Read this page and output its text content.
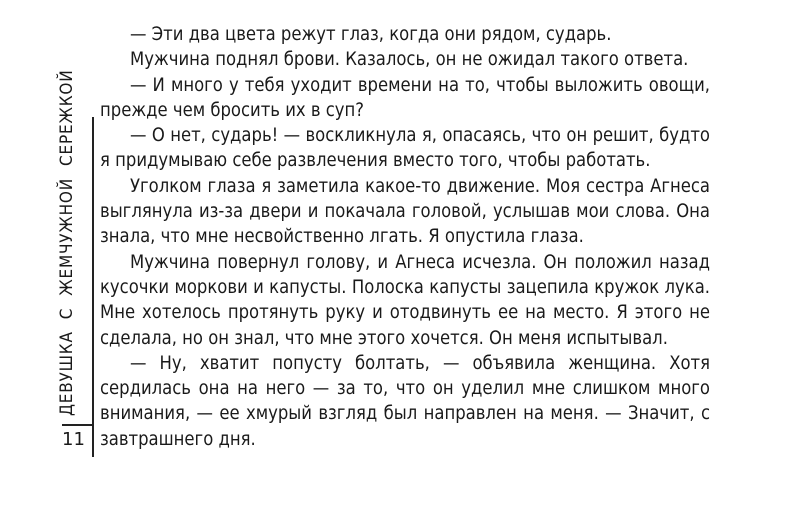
ДЕВУШКАСЖЕМЧУЖНОЙСЕРЕЖКОЙ
11

— Эти два цвета режут глаз, когда они рядом, сударь.

Мужчина поднял брови. Казалось, он не ожидал такого ответа.

— И много у тебя уходит времени на то, чтобы выложить овощи, прежде чем бросить их в суп?

— О нет, сударь! — воскликнула я, опасаясь, что он решит, будто я придумываю себе развлечения вместо того, чтобы работать.

Уголком глаза я заметила какое-то движение. Моя сестра Агнеса выглянула из-за двери и покачала головой, услышав мои слова. Она знала, что мне несвойственно лгать. Я опустила глаза.

Мужчина повернул голову, и Агнеса исчезла. Он положил назад кусочки моркови и капусты. Полоска капусты зацепила кружок лука. Мне хотелось протянуть руку и отодвинуть ее на место. Я этого не сделала, но он знал, что мне этого хочется. Он меня испытывал.

— Ну, хватит попусту болтать, — объявила женщина. Хотя сердилась она на него — за то, что он уделил мне слишком много внимания, — ее хмурый взгляд был направлен на меня. — Значит, с завтрашнего дня.
